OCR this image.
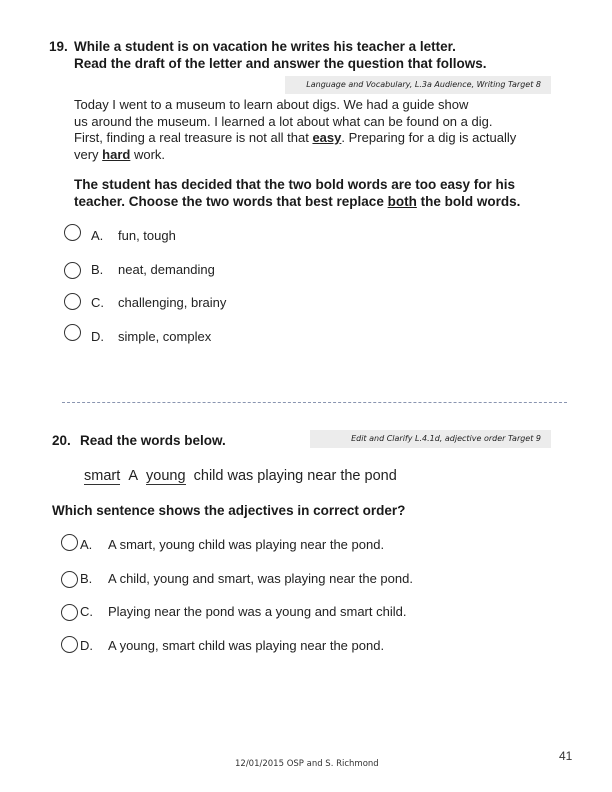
19. While a student is on vacation he writes his teacher a letter.
Read the draft of the letter and answer the question that follows.
Language and Vocabulary, L.3a Audience, Writing Target 8
Today I went to a museum to learn about digs. We had a guide show
us around the museum. I learned a lot about what can be found on a dig.
First, finding a real treasure is not all that easy. Preparing for a dig is actually
very hard work.
The student has decided that the two bold words are too easy for his
teacher. Choose the two words that best replace both the bold words.
A. fun, tough
B. neat, demanding
C. challenging, brainy
D. simple, complex
20. Read the words below.	Edit and Clarify L.4.1d, adjective order Target 9
smart A young child was playing near the pond
Which sentence shows the adjectives in correct order?
A. A smart, young child was playing near the pond.
B. A child, young and smart, was playing near the pond.
C. Playing near the pond was a young and smart child.
D. A young, smart child was playing near the pond.
12/01/2015 OSP and S. Richmond
41
